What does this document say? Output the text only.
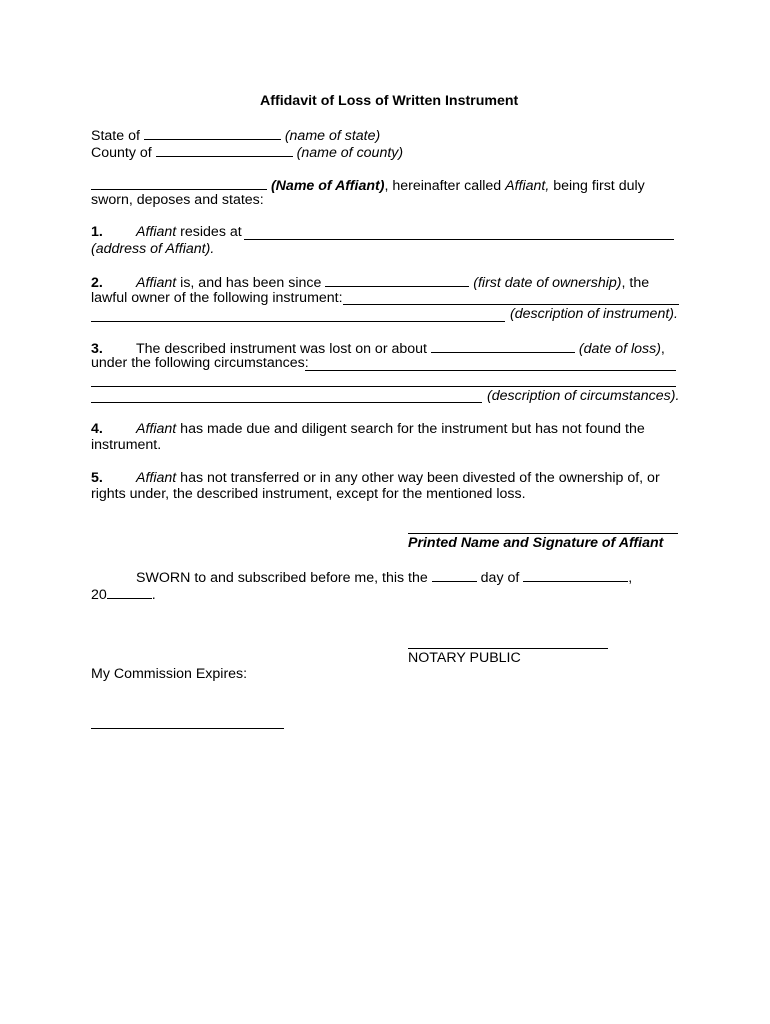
Affidavit of Loss of Written Instrument
State of	(name of state)
County of	(name of county)
(Name of Affiant), hereinafter called Affiant, being first duly
sworn, deposes and states:
1. Affiant resides at
(address of Affiant).
2. Affiant is, and has been since	(first date of ownership), the
lawful owner of the following instrument:
(description of instrument).
3. The described instrument was lost on or about	(date of loss),
under the following circumstances:
(description of circumstances).
4. Affiant has made due and diligent search for the instrument but has not found the
instrument.
5. Affiant has not transferred or in any other way been divested of the ownership of, or
rights under, the described instrument, except for the mentioned loss.
Printed Name and Signature of Affiant
SWORN to and subscribed before me, this the	day of	,
20	.
NOTARY PUBLIC
My Commission Expires:
